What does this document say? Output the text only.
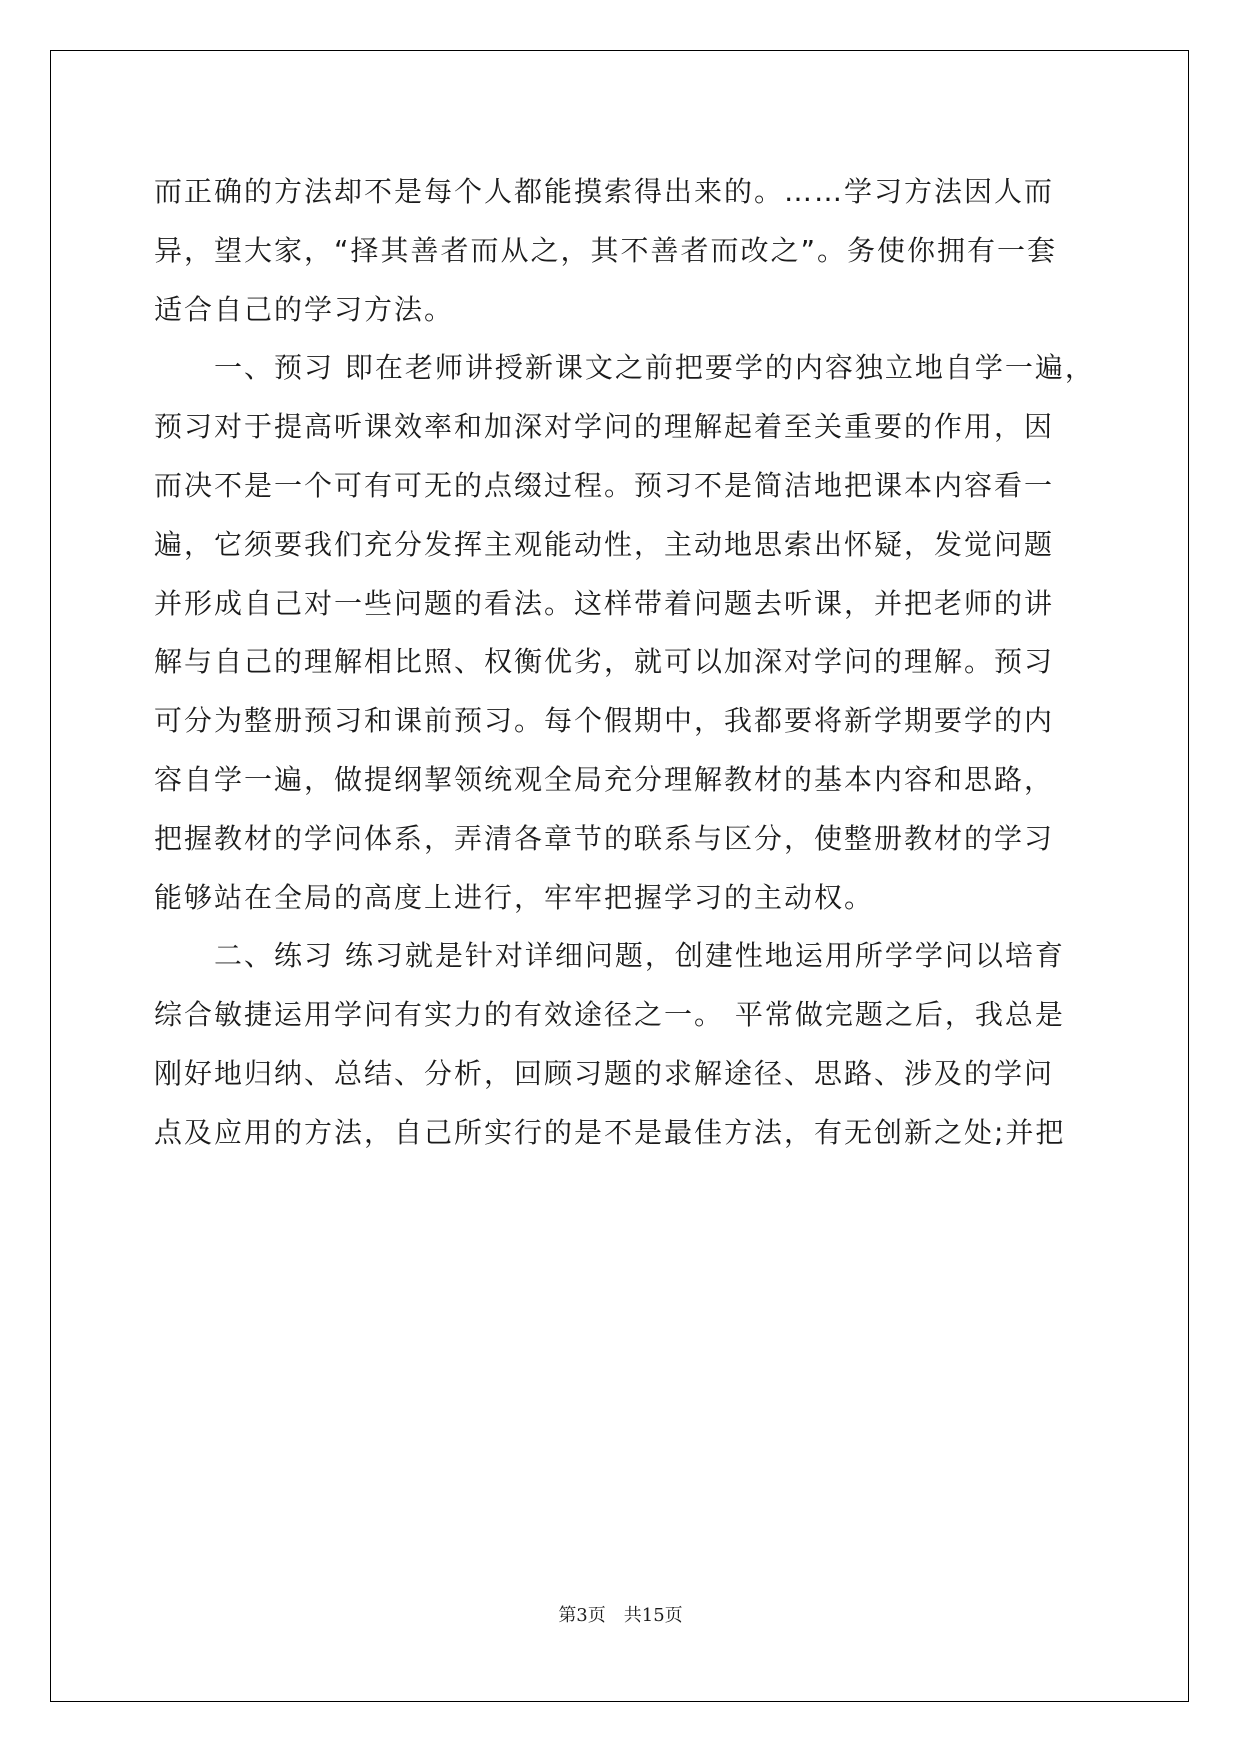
而正确的方法却不是每个人都能摸索得出来的。……学习方法因人而
异，望大家，“择其善者而从之，其不善者而改之”。务使你拥有一套
适合自己的学习方法。
　　一、预习 即在老师讲授新课文之前把要学的内容独立地自学一遍，
预习对于提高听课效率和加深对学问的理解起着至关重要的作用，因
而决不是一个可有可无的点缀过程。预习不是简洁地把课本内容看一
遍，它须要我们充分发挥主观能动性，主动地思索出怀疑，发觉问题
并形成自己对一些问题的看法。这样带着问题去听课，并把老师的讲
解与自己的理解相比照、权衡优劣，就可以加深对学问的理解。预习
可分为整册预习和课前预习。每个假期中，我都要将新学期要学的内
容自学一遍，做提纲挈领统观全局充分理解教材的基本内容和思路，
把握教材的学问体系，弄清各章节的联系与区分，使整册教材的学习
能够站在全局的高度上进行，牢牢把握学习的主动权。
　　二、练习 练习就是针对详细问题，创建性地运用所学学问以培育
综合敏捷运用学问有实力的有效途径之一。 平常做完题之后，我总是
刚好地归纳、总结、分析，回顾习题的求解途径、思路、涉及的学问
点及应用的方法，自己所实行的是不是最佳方法，有无创新之处;并把
第3页　共15页
